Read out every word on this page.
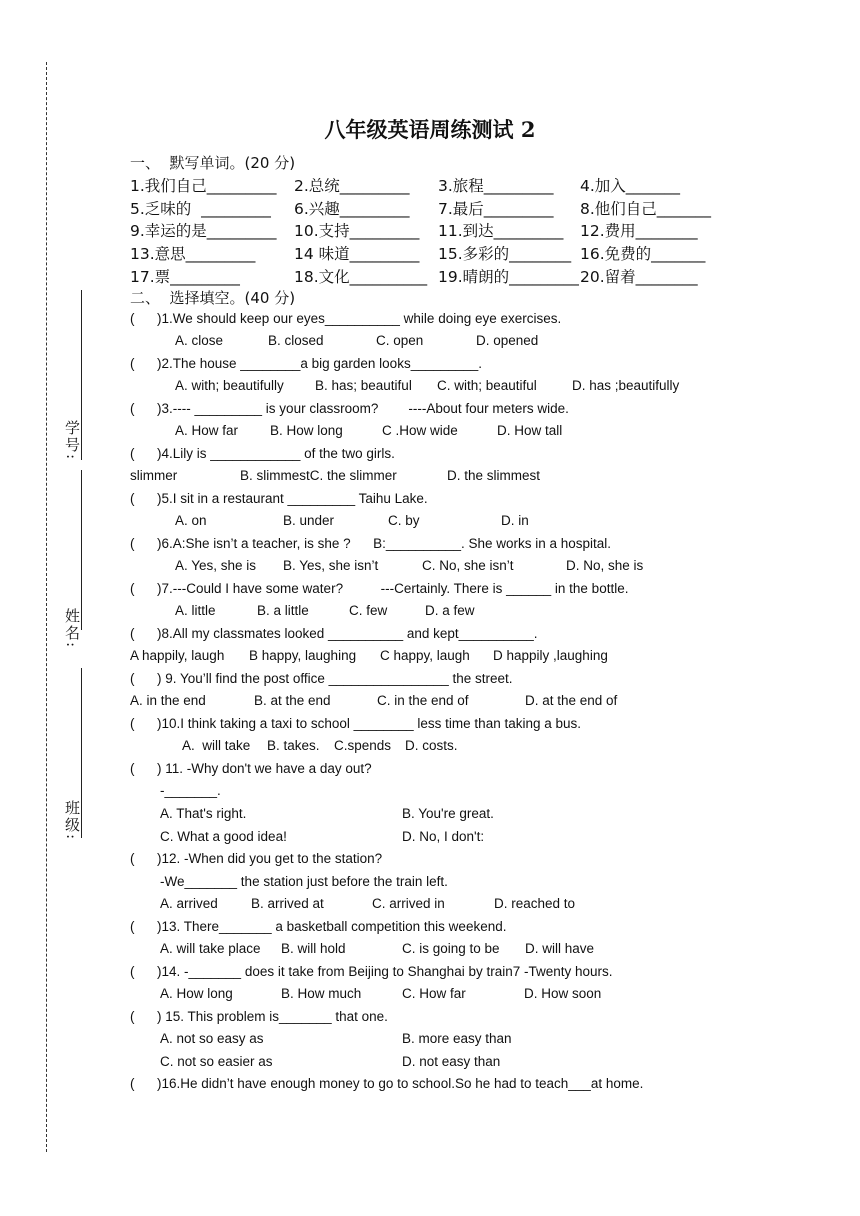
学号:
姓名:
班级:
八年级英语周练测试 2
一、  默写单词。(20 分)
1.我们自己_________ 2.总统_________ 3.旅程_________ 4.加入_______
5.乏味的  _________ 6.兴趣_________ 7.最后_________ 8.他们自己_______
9.幸运的是_________ 10.支持_________ 11.到达_________ 12.费用________
13.意思_________ 14 味道_________ 15.多彩的________ 16.免费的_______
17.票_________	18.文化__________ 19.晴朗的_________ 20.留着________
二、  选择填空。(40 分)
(      )1.We should keep our eyes__________ while doing eye exercises.
A. close	B. closed	C. open	D. opened
(      )2.The house ________a big garden looks_________.
A. with; beautifully B. has; beautiful C. with; beautiful	D. has ;beautifully
(      )3.---- _________ is your classroom?        ----About four meters wide.
A. How far B. How long	C .How wide	D. How tall
(      )4.Lily is ____________ of the two girls.
slimmer	B. slimmestC. the slimmer	D. the slimmest
(      )5.I sit in a restaurant _________ Taihu Lake.
A. on	B. under	C. by	D. in
(      )6.A:She isn’t a teacher, is she ?      B:__________. She works in a hospital.
A. Yes, she is B. Yes, she isn’t	C. No, she isn’t	D. No, she is
(      )7.---Could I have some water?          ---Certainly. There is ______ in the bottle.
A. little	B. a little	C. few	D. a few
(      )8.All my classmates looked __________ and kept__________.
A happily, laugh B happy, laughing C happy, laugh D happily ,laughing
(      ) 9. You’ll find the post office ________________ the street.
A. in the end	B. at the end	C. in the end of	D. at the end of
(      )10.I think taking a taxi to school ________ less time than taking a bus.
A.  will take B. takes. C.spends D. costs.
(      ) 11. -Why don't we have a day out?
-_______.
A. That's right.	B. You're great.
C. What a good idea!	D. No, I don't:
(      )12. -When did you get to the station?
-We_______ the station just before the train left.
A. arrived B. arrived at	C. arrived in	D. reached to
(      )13. There_______ a basketball competition this weekend.
A. will take place B. will hold	C. is going to be D. will have
(      )14. -_______ does it take from Beijing to Shanghai by train7 -Twenty hours.
A. How long	B. How much	C. How far	D. How soon
(      ) 15. This problem is_______ that one.
A. not so easy as	B. more easy than
C. not so easier as	D. not easy than
(      )16.He didn’t have enough money to go to school.So he had to teach___at home.
